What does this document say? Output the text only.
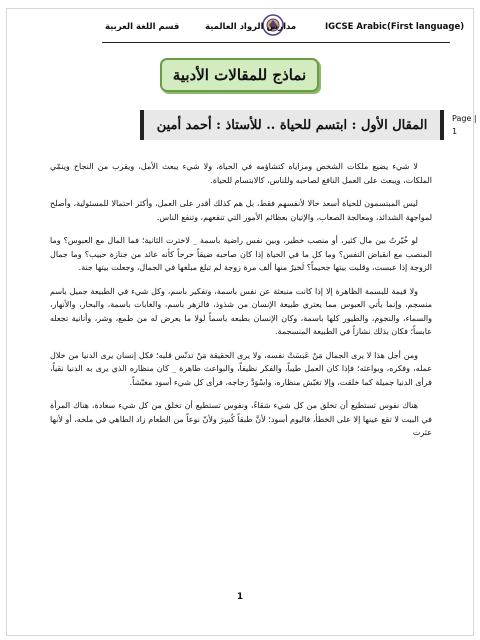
IGCSE Arabic(First language)
مدارس الرواد العالمية
قسم اللغة العربية
نماذج للمقالات الأدبية
المقال الأول : ابتسم للحياة .. للأستاذ : أحمد أمين	Page | 1

لا شيء يضيع ملكات الشخص ومزاياه كتشاؤمه في الحياة، ولا شيء يبعث الأمل، ويقرب من النجاح وينمّي الملكات، ويبعث على العمل النافع لصاحبه وللناس، كالابتسام للحياة.

ليس المبتسمون للحياة أسعد حالا لأنفسهم فقط، بل هم كذلك أقدر على العمل، وأكثر احتمالا للمسئولية، وأصلح لمواجهة الشدائد، ومعالجة الصعاب، والإتيان بعظائم الأمور التي تنفعهم، وتنفع الناس.

لو خُيّرتُ بين مال كثير، أو منصب خطير، وبين نفس راضية باسمة _ لاخترت الثانية؛ فما المال مع العبوس؟ وما المنصب مع انقباض النفس؟ وما كل ما في الحياة إذا كان صاحبه ضيقاً حرجاً كأنه عائد من جنازة حبيب؟ وما جمال الزوجة إذا عبست، وقلبت بيتها جحيماً؟ لَخيرٌ منها ألف مرة زوجة لم تبلغ مبلغها في الجمال، وجعلت بيتها جنة.

ولا قيمة للبسمة الظاهرة إلا إذا كانت منبعثة عن نفس باسمة، وتفكير باسم، وكل شيء في الطبيعة جميل باسم منسجم، وإنما يأتي العبوس مما يعتري طبيعة الإنسان من شذوذ، فالزهر باسم، والغابات باسمة، والبحار، والأنهار، والسماء، والنجوم، والطيور كلها باسمة، وكان الإنسان بطبعه باسماً لولا ما يعرض له من طمع، وشر، وأنانية تجعله عابساً؛ فكان بذلك نشازاً في الطبيعة المنسجمة.

ومن أجل هذا لا يرى الجمال مَنْ عَبسَتْ نفسه، ولا يرى الحقيقة مَنْ تدنّس قلبه؛ فكل إنسان يرى الدنيا من خلال عمله، وفكره، وبواعثه؛ فإذا كان العمل طيباً، والفكر نظيفاً، والبواعث طاهرة _ كان منظاره الذي يرى به الدنيا نقياً، فرأى الدنيا جميلة كما خلقت، وإلا تغبّش منظاره، واسْوَدَّ زجاجه، فرأى كل شيء أسود مغبّشاً.

هناك نفوس تستطيع أن تخلق من كل شيء شقاءً، ونفوس تستطيع أن تخلق من كل شيء سعادة، هناك المرأة في البيت لا تقع عينها إلا على الخطأ، فاليوم أسود؛ لأنَّ طبقاً كُسِرَ ولأنّ نوعاً من الطعام زاد الطاهي في ملحه، أو لأنها عثرت

1
